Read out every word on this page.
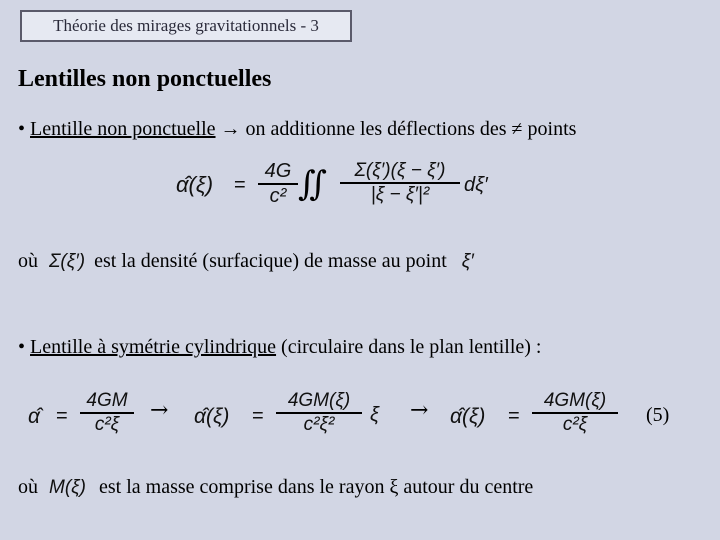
Théorie des mirages gravitationnels - 3
Lentilles non ponctuelles
• Lentille non ponctuelle → on additionne les déflections des ≠ points
α̂(ξ) =
4G
c² ∬	Σ(ξ′)(ξ − ξ′)
|ξ − ξ′|²	dξ′
où Σ(ξ′) est la densité (surfacique) de masse au point ξ′
• Lentille à symétrie cylindrique (circulaire dans le plan lentille) :
α̂ =
4GM
c²ξ
→ α̂(ξ) =
4GM(ξ)
c²ξ²	ξ → α̂(ξ) =
4GM(ξ)
c²ξ	(5)
où M(ξ) est la masse comprise dans le rayon ξ autour du centre
